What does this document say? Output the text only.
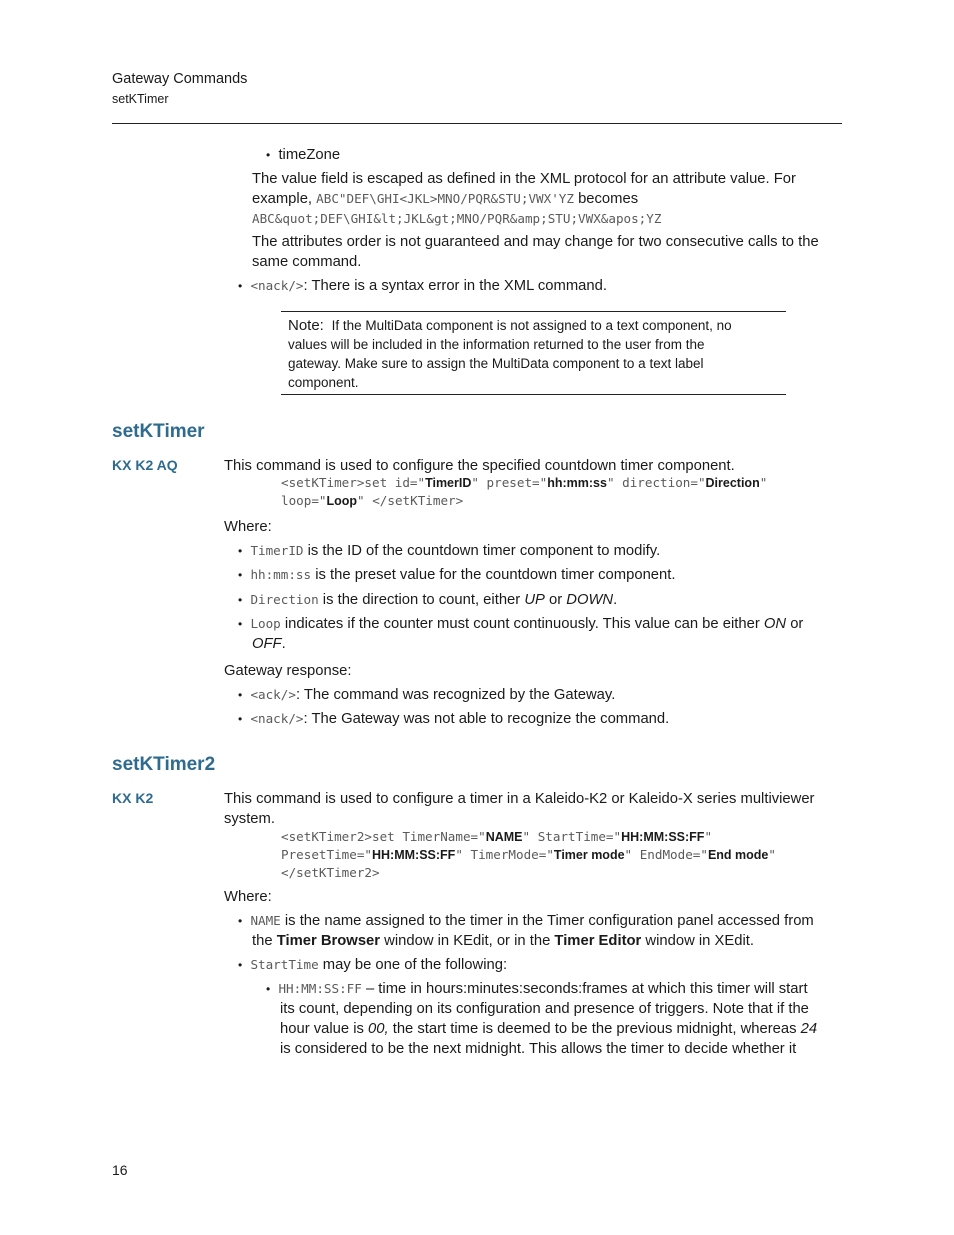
Gateway Commands
setKTimer
• timeZone
The value field is escaped as defined in the XML protocol for an attribute value. For
example, ABC"DEF\GHI<JKL>MNO/PQR&STU;VWX'YZ becomes
ABC&quot;DEF\GHI&lt;JKL&gt;MNO/PQR&amp;STU;VWX&apos;YZ
The attributes order is not guaranteed and may change for two consecutive calls to the
same command.
• <nack/>: There is a syntax error in the XML command.
Note: If the MultiData component is not assigned to a text component, no
values will be included in the information returned to the user from the
gateway. Make sure to assign the MultiData component to a text label
component.
setKTimer
KX K2 AQ	This command is used to configure the specified countdown timer component.
<setKTimer>set id="TimerID" preset="hh:mm:ss" direction="Direction"
loop="Loop" </setKTimer>
Where:
• TimerID is the ID of the countdown timer component to modify.
• hh:mm:ss is the preset value for the countdown timer component.
• Direction is the direction to count, either UP or DOWN.
• Loop indicates if the counter must count continuously. This value can be either ON or
OFF.
Gateway response:
• <ack/>: The command was recognized by the Gateway.
• <nack/>: The Gateway was not able to recognize the command.
setKTimer2
KX K2	This command is used to configure a timer in a Kaleido-K2 or Kaleido-X series multiviewer
system.
<setKTimer2>set TimerName="NAME" StartTime="HH:MM:SS:FF"
PresetTime="HH:MM:SS:FF" TimerMode="Timer mode" EndMode="End mode"
</setKTimer2>
Where:
• NAME is the name assigned to the timer in the Timer configuration panel accessed from
the Timer Browser window in KEdit, or in the Timer Editor window in XEdit.
• StartTime may be one of the following:
• HH:MM:SS:FF – time in hours:minutes:seconds:frames at which this timer will start
its count, depending on its configuration and presence of triggers. Note that if the
hour value is 00, the start time is deemed to be the previous midnight, whereas 24
is considered to be the next midnight. This allows the timer to decide whether it
16
